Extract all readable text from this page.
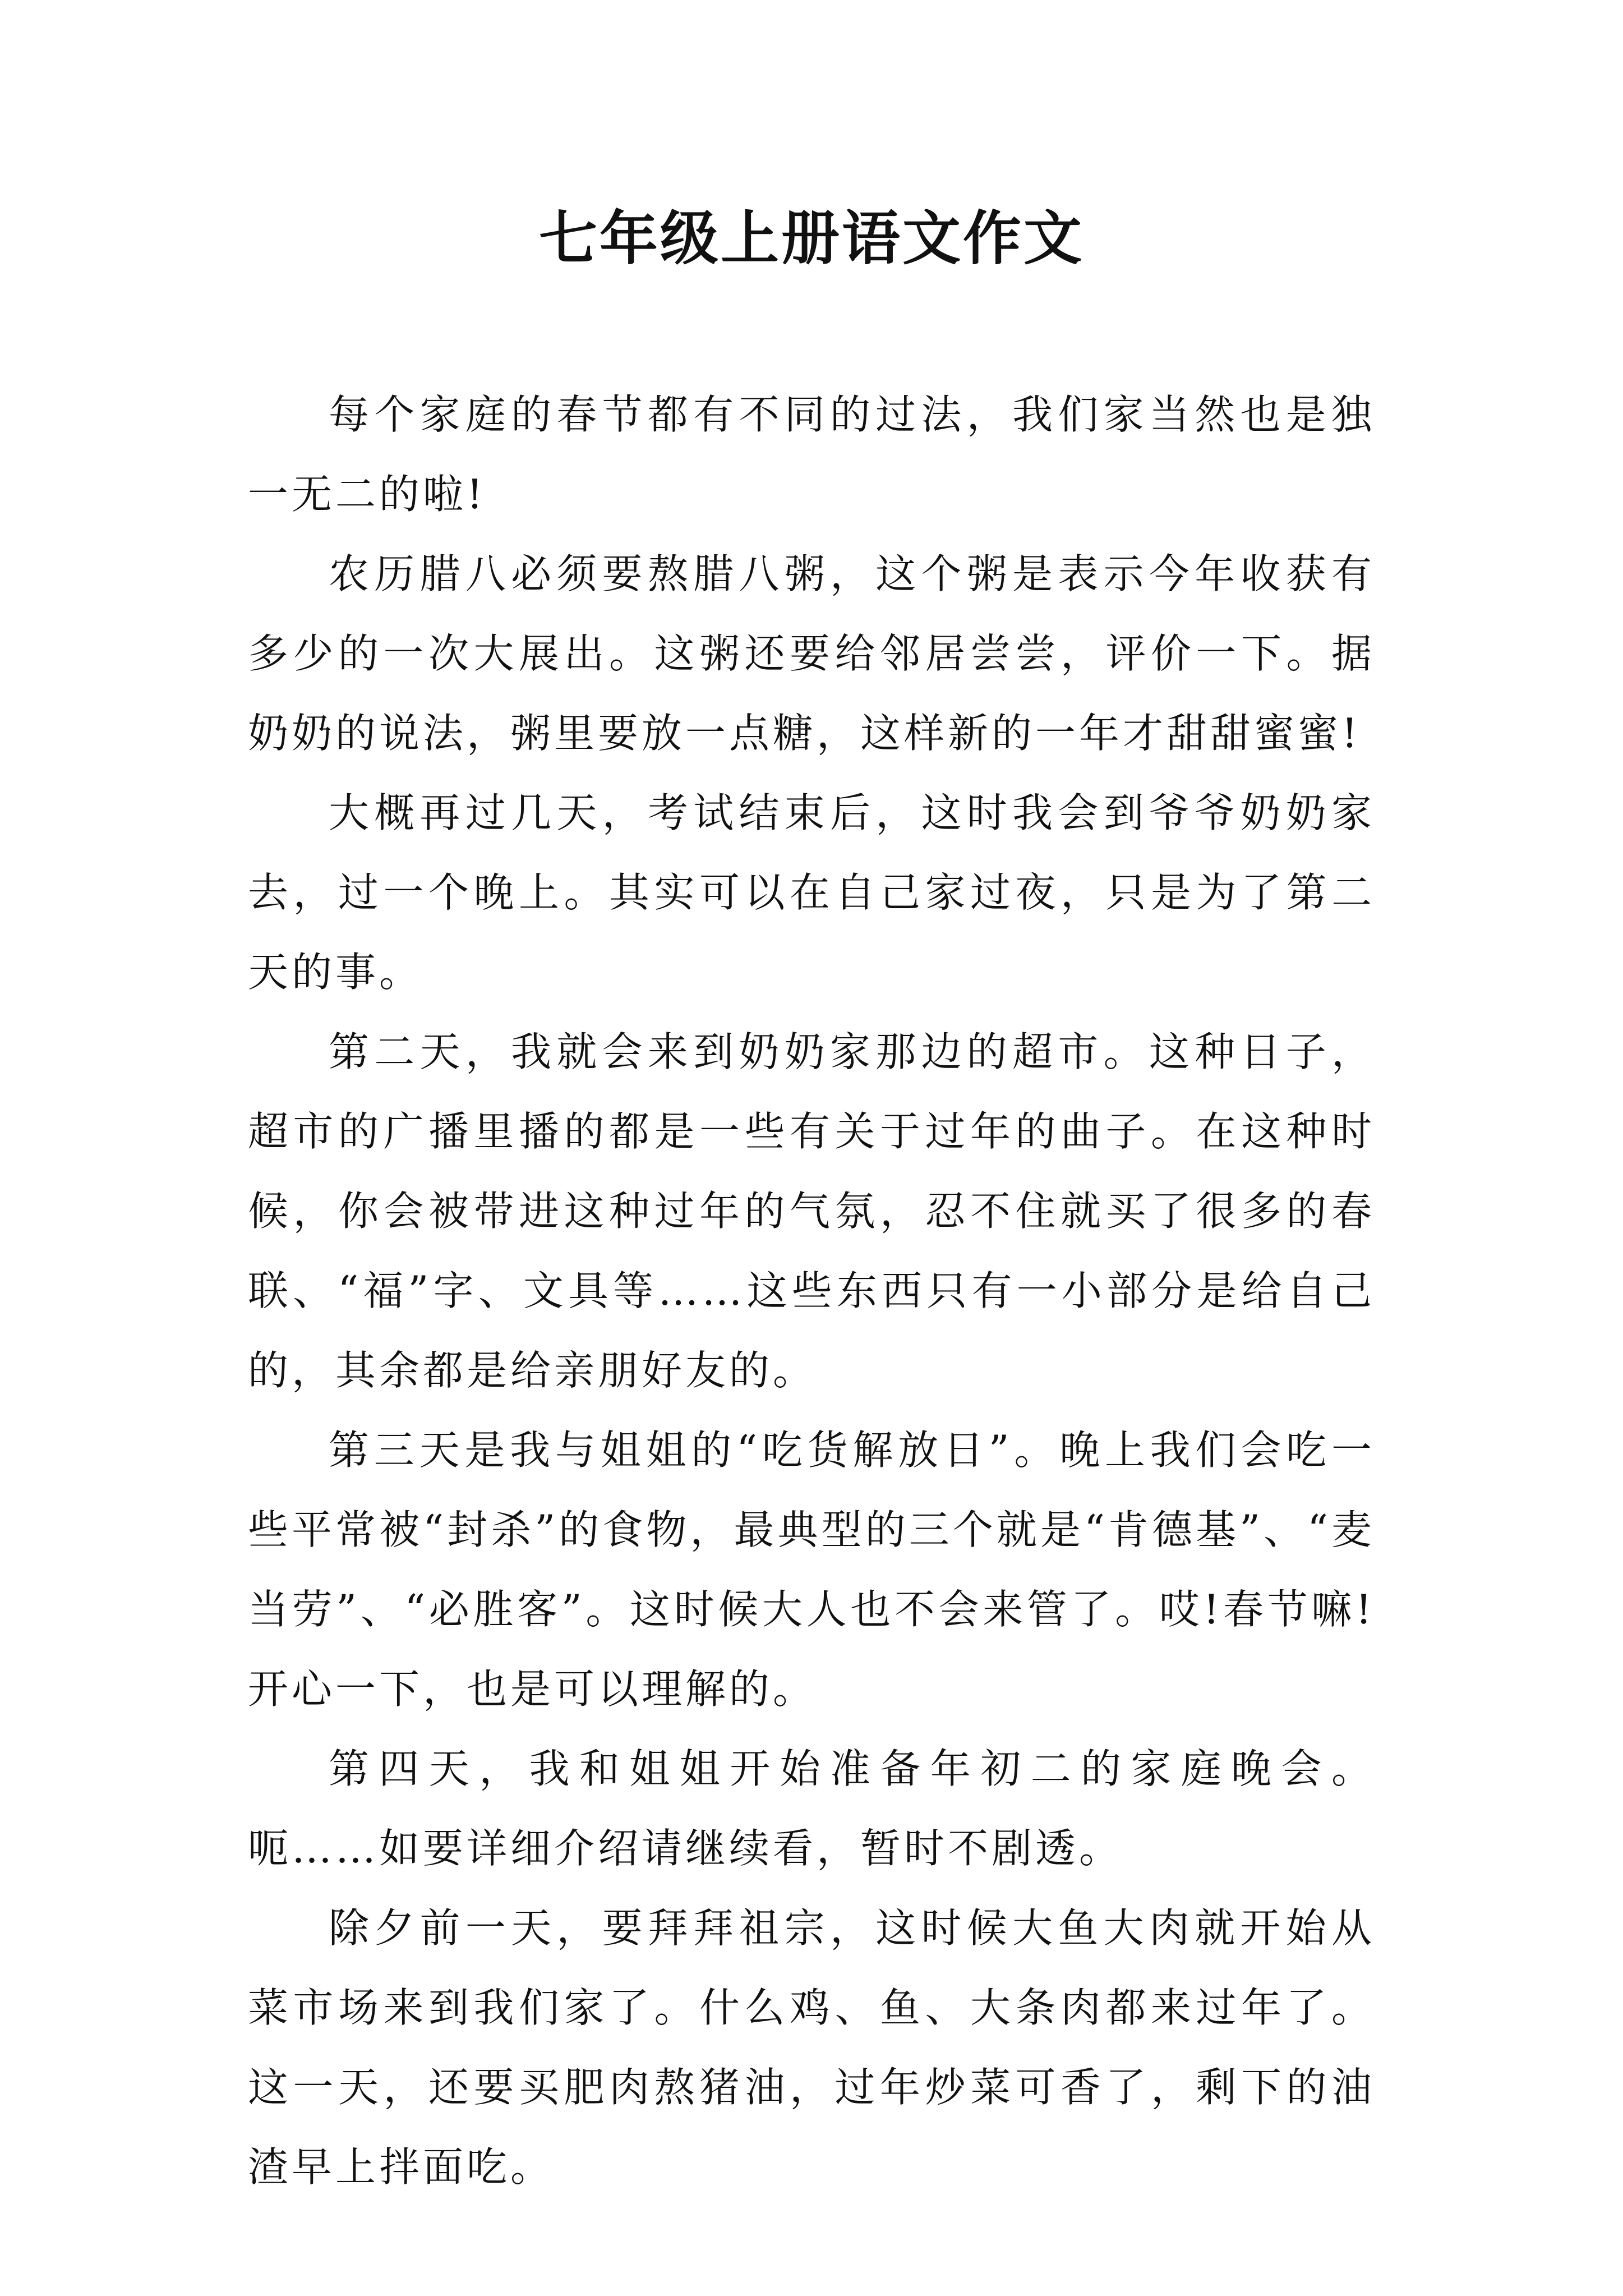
七年级上册语文作文

每个家庭的春节都有不同的过法，我们家当然也是独一无二的啦!

农历腊八必须要熬腊八粥，这个粥是表示今年收获有多少的一次大展出。这粥还要给邻居尝尝，评价一下。据奶奶的说法，粥里要放一点糖，这样新的一年才甜甜蜜蜜!

大概再过几天，考试结束后，这时我会到爷爷奶奶家去，过一个晚上。其实可以在自己家过夜，只是为了第二天的事。

第二天，我就会来到奶奶家那边的超市。这种日子，超市的广播里播的都是一些有关于过年的曲子。在这种时候，你会被带进这种过年的气氛，忍不住就买了很多的春联、“福”字、文具等……这些东西只有一小部分是给自己的，其余都是给亲朋好友的。

第三天是我与姐姐的“吃货解放日”。晚上我们会吃一些平常被“封杀”的食物，最典型的三个就是“肯德基”、“麦当劳”、“必胜客”。这时候大人也不会来管了。哎!春节嘛!开心一下，也是可以理解的。

第四天，我和姐姐开始准备年初二的家庭晚会。呃……如要详细介绍请继续看，暂时不剧透。

除夕前一天，要拜拜祖宗，这时候大鱼大肉就开始从菜市场来到我们家了。什么鸡、鱼、大条肉都来过年了。这一天，还要买肥肉熬猪油，过年炒菜可香了，剩下的油渣早上拌面吃。
